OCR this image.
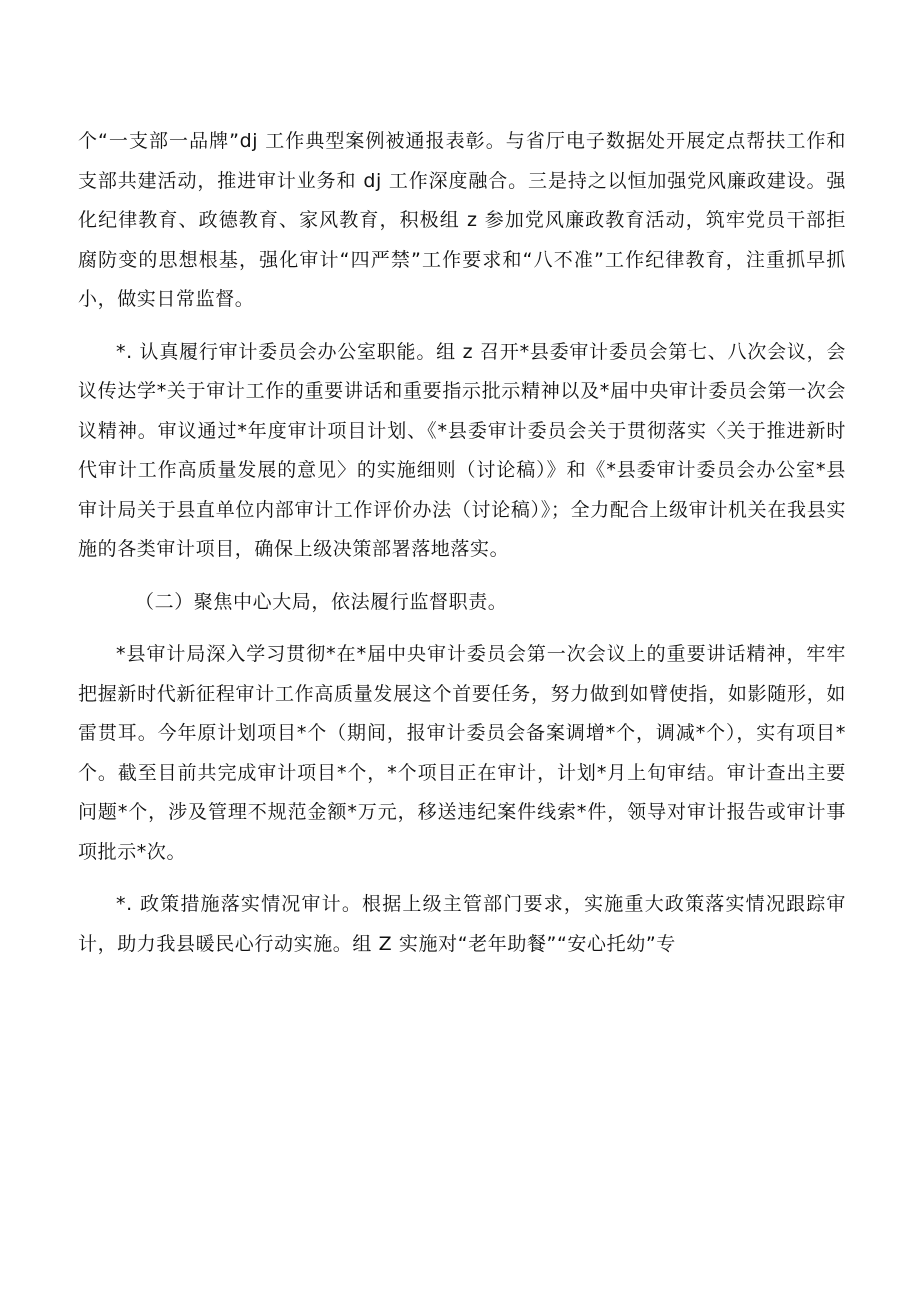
个“一支部一品牌”dj 工作典型案例被通报表彰。与省厅电子数据处开展定点帮扶工作和支部共建活动，推进审计业务和 dj 工作深度融合。三是持之以恒加强党风廉政建设。强化纪律教育、政德教育、家风教育，积极组 z 参加党风廉政教育活动，筑牢党员干部拒腐防变的思想根基，强化审计“四严禁”工作要求和“八不准”工作纪律教育，注重抓早抓小，做实日常监督。

*. 认真履行审计委员会办公室职能。组 z 召开*县委审计委员会第七、八次会议，会议传达学*关于审计工作的重要讲话和重要指示批示精神以及*届中央审计委员会第一次会议精神。审议通过*年度审计项目计划、《*县委审计委员会关于贯彻落实〈关于推进新时代审计工作高质量发展的意见〉的实施细则（讨论稿）》和《*县委审计委员会办公室*县审计局关于县直单位内部审计工作评价办法（讨论稿）》；全力配合上级审计机关在我县实施的各类审计项目，确保上级决策部署落地落实。

（二）聚焦中心大局，依法履行监督职责。

*县审计局深入学习贯彻*在*届中央审计委员会第一次会议上的重要讲话精神，牢牢把握新时代新征程审计工作高质量发展这个首要任务，努力做到如臂使指，如影随形，如雷贯耳。今年原计划项目*个（期间，报审计委员会备案调增*个，调减*个），实有项目*个。截至目前共完成审计项目*个，*个项目正在审计，计划*月上旬审结。审计查出主要问题*个，涉及管理不规范金额*万元，移送违纪案件线索*件，领导对审计报告或审计事项批示*次。

*. 政策措施落实情况审计。根据上级主管部门要求，实施重大政策落实情况跟踪审计，助力我县暖民心行动实施。组 Z 实施对“老年助餐”“安心托幼”专
